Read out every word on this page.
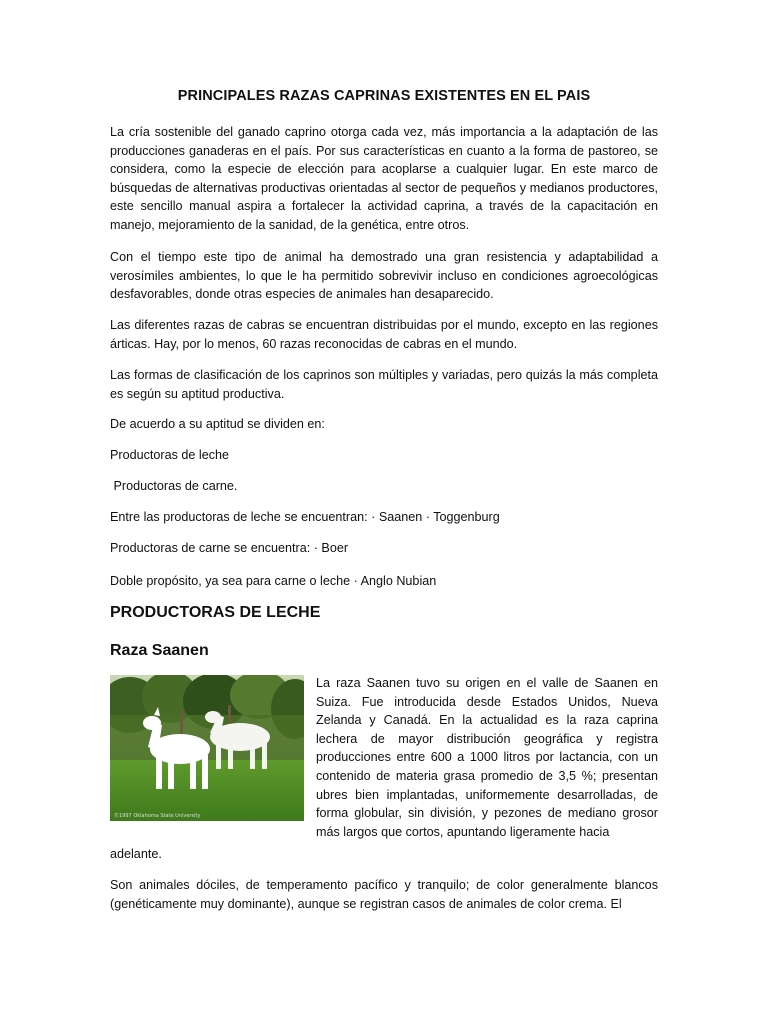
PRINCIPALES RAZAS CAPRINAS EXISTENTES EN EL PAIS
La cría sostenible del ganado caprino otorga cada vez, más importancia a la adaptación de las producciones ganaderas en el país. Por sus características en cuanto a la forma de pastoreo, se considera, como la especie de elección para acoplarse a cualquier lugar. En este marco de búsquedas de alternativas productivas orientadas al sector de pequeños y medianos productores, este sencillo manual aspira a fortalecer la actividad caprina, a través de la capacitación en manejo, mejoramiento de la sanidad, de la genética, entre otros.
Con el tiempo este tipo de animal ha demostrado una gran resistencia y adaptabilidad a verosímiles ambientes, lo que le ha permitido sobrevivir incluso en condiciones agroecológicas desfavorables, donde otras especies de animales han desaparecido.
Las diferentes razas de cabras se encuentran distribuidas por el mundo, excepto en las regiones árticas. Hay, por lo menos, 60 razas reconocidas de cabras en el mundo.
Las formas de clasificación de los caprinos son múltiples y variadas, pero quizás la más completa es según su aptitud productiva.
De acuerdo a su aptitud se dividen en:
Productoras de leche
Productoras de carne.
Entre las productoras de leche se encuentran: · Saanen · Toggenburg
Productoras de carne se encuentra: · Boer
Doble propósito, ya sea para carne o leche · Anglo Nubian
PRODUCTORAS DE LECHE
Raza Saanen
©1997 Oklahoma State University
La raza Saanen tuvo su origen en el valle de Saanen en Suiza. Fue introducida desde Estados Unidos, Nueva Zelanda y Canadá. En la actualidad es la raza caprina lechera de mayor distribución geográfica y registra producciones entre 600 a 1000 litros por lactancia, con un contenido de materia grasa promedio de 3,5 %; presentan ubres bien implantadas, uniformemente desarrolladas, de forma globular, sin división, y pezones de mediano grosor más largos que cortos, apuntando ligeramente hacia
adelante.
Son animales dóciles, de temperamento pacífico y tranquilo; de color generalmente blancos (genéticamente muy dominante), aunque se registran casos de animales de color crema. El
